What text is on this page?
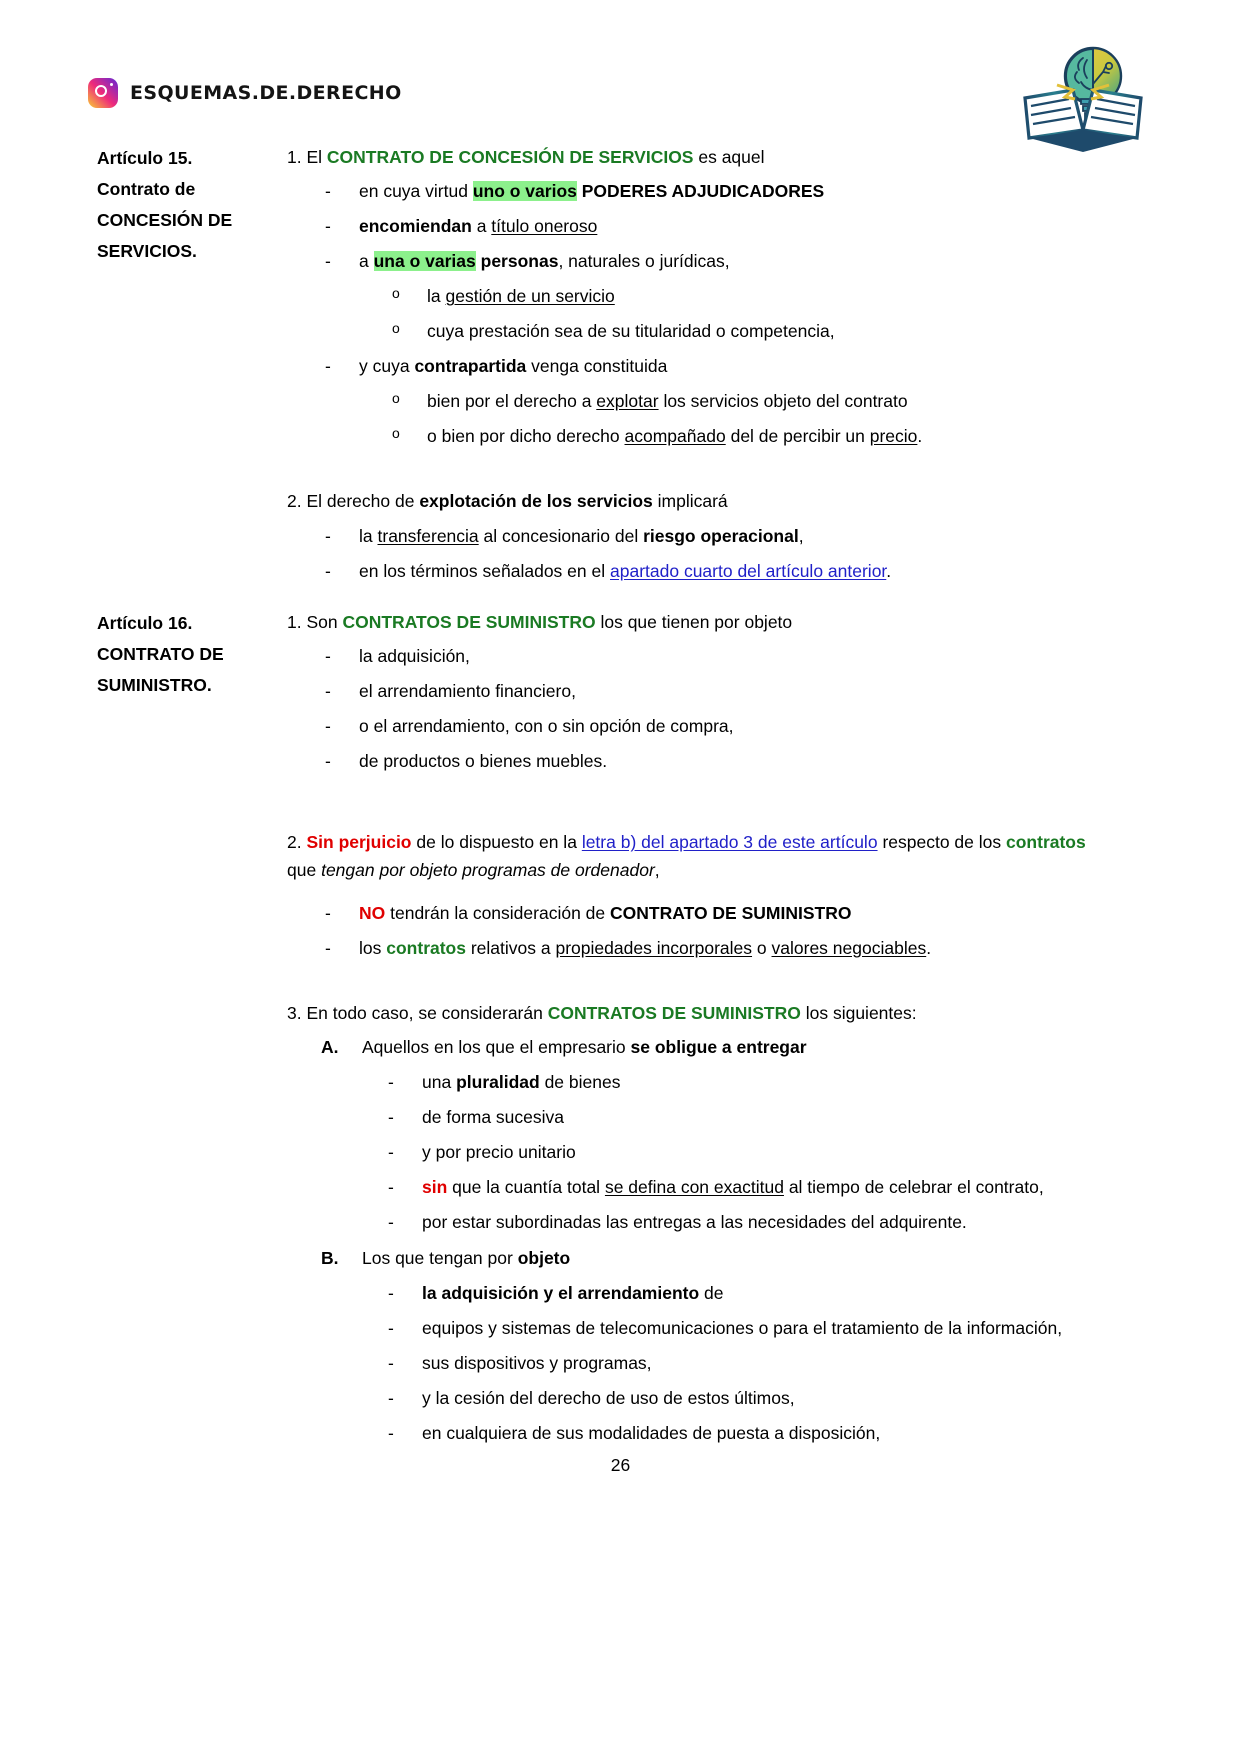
ESQUEMAS.DE.DERECHO
Artículo 15.
Contrato de
CONCESIÓN DE
SERVICIOS.

1. El CONTRATO DE CONCESIÓN DE SERVICIOS es aquel

- en cuya virtud uno o varios PODERES ADJUDICADORES
- encomiendan a título oneroso
- a una o varias personas, naturales o jurídicas,
o la gestión de un servicio
o cuya prestación sea de su titularidad o competencia,
- y cuya contrapartida venga constituida
o bien por el derecho a explotar los servicios objeto del contrato
o o bien por dicho derecho acompañado del de percibir un precio.

2. El derecho de explotación de los servicios implicará

- la transferencia al concesionario del riesgo operacional,
- en los términos señalados en el apartado cuarto del artículo anterior.

Artículo 16.
CONTRATO DE
SUMINISTRO.

1. Son CONTRATOS DE SUMINISTRO los que tienen por objeto

- la adquisición,
- el arrendamiento financiero,
- o el arrendamiento, con o sin opción de compra,
- de productos o bienes muebles.

2. Sin perjuicio de lo dispuesto en la letra b) del apartado 3 de este artículo respecto de los contratos que tengan por objeto programas de ordenador,

- NO tendrán la consideración de CONTRATO DE SUMINISTRO
- los contratos relativos a propiedades incorporales o valores negociables.

3. En todo caso, se considerarán CONTRATOS DE SUMINISTRO los siguientes:

A. Aquellos en los que el empresario se obligue a entregar
- una pluralidad de bienes
- de forma sucesiva
- y por precio unitario
- sin que la cuantía total se defina con exactitud al tiempo de celebrar el contrato,
- por estar subordinadas las entregas a las necesidades del adquirente.
B. Los que tengan por objeto
- la adquisición y el arrendamiento de
- equipos y sistemas de telecomunicaciones o para el tratamiento de la información,
- sus dispositivos y programas,
- y la cesión del derecho de uso de estos últimos,
- en cualquiera de sus modalidades de puesta a disposición,
26
